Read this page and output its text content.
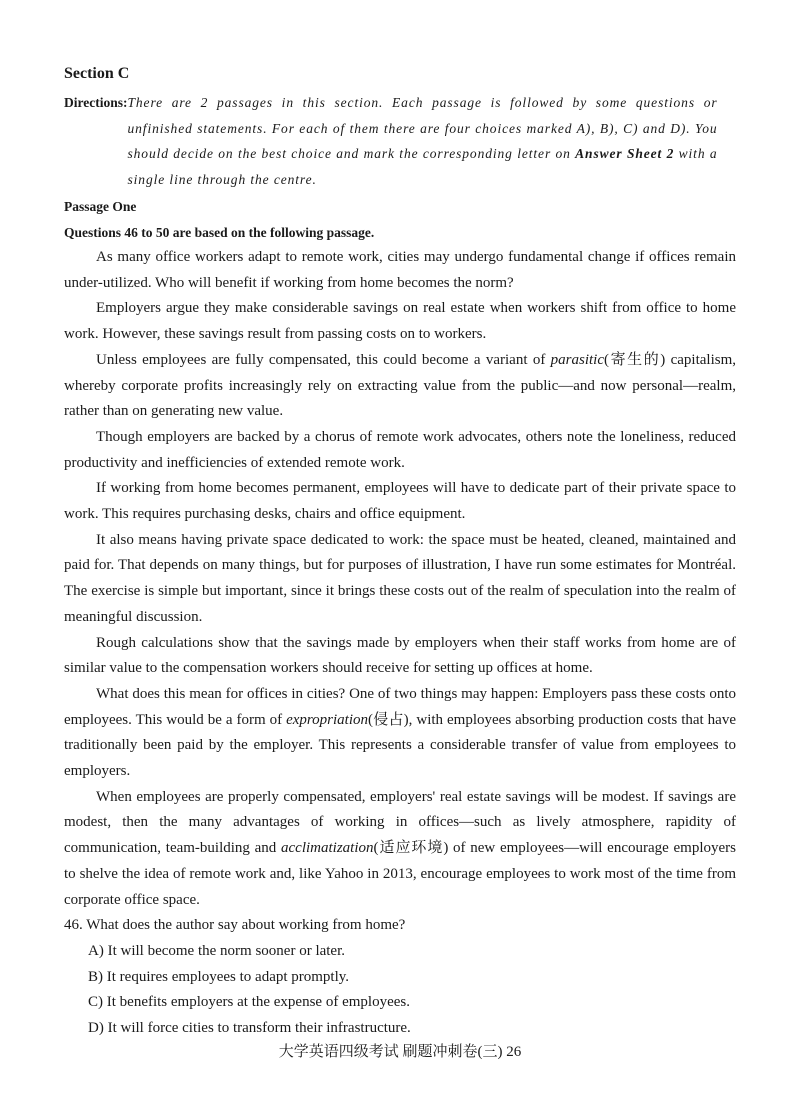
Section C
Directions: There are 2 passages in this section. Each passage is followed by some questions or unfinished statements. For each of them there are four choices marked A), B), C) and D). You should decide on the best choice and mark the corresponding letter on Answer Sheet 2 with a single line through the centre.
Passage One
Questions 46 to 50 are based on the following passage.

As many office workers adapt to remote work, cities may undergo fundamental change if offices remain under-utilized. Who will benefit if working from home becomes the norm?

Employers argue they make considerable savings on real estate when workers shift from office to home work. However, these savings result from passing costs on to workers.

Unless employees are fully compensated, this could become a variant of parasitic(寄生的) capitalism, whereby corporate profits increasingly rely on extracting value from the public—and now personal—realm, rather than on generating new value.

Though employers are backed by a chorus of remote work advocates, others note the loneliness, reduced productivity and inefficiencies of extended remote work.

If working from home becomes permanent, employees will have to dedicate part of their private space to work. This requires purchasing desks, chairs and office equipment.

It also means having private space dedicated to work: the space must be heated, cleaned, maintained and paid for. That depends on many things, but for purposes of illustration, I have run some estimates for Montréal. The exercise is simple but important, since it brings these costs out of the realm of speculation into the realm of meaningful discussion.

Rough calculations show that the savings made by employers when their staff works from home are of similar value to the compensation workers should receive for setting up offices at home.

What does this mean for offices in cities? One of two things may happen: Employers pass these costs onto employees. This would be a form of expropriation(侵占), with employees absorbing production costs that have traditionally been paid by the employer. This represents a considerable transfer of value from employees to employers.

When employees are properly compensated, employers' real estate savings will be modest. If savings are modest, then the many advantages of working in offices—such as lively atmosphere, rapidity of communication, team-building and acclimatization(适应环境) of new employees—will encourage employers to shelve the idea of remote work and, like Yahoo in 2013, encourage employees to work most of the time from corporate office space.

46. What does the author say about working from home?

A) It will become the norm sooner or later.

B) It requires employees to adapt promptly.

C) It benefits employers at the expense of employees.

D) It will force cities to transform their infrastructure.

大学英语四级考试 刷题冲刺卷(三) 26
